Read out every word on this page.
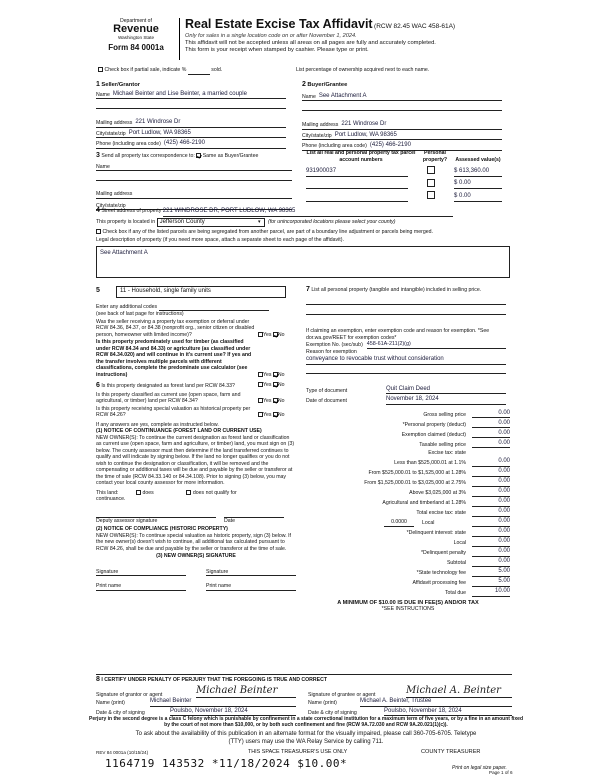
Department of
Revenue
Washington State
Form 84 0001a
Real Estate Excise Tax Affidavit (RCW 82.45 WAC 458-61A)
Only for sales in a single location code on or after November 1, 2024.
This affidavit will not be accepted unless all areas on all pages are fully and accurately completed.
This form is your receipt when stamped by cashier. Please type or print.
Check box if partial sale, indicate %	sold.	List percentage of ownership acquired next to each name.
1 Seller/Grantor
Name Michael Beinter and Lise Beinter, a married couple
Mailing address 221 Windrose Dr
City/state/zip Port Ludlow, WA 98365
Phone (including area code) (425) 466-2190
2 Buyer/Grantee
Name See Attachment A
Mailing address 221 Windrose Dr
City/state/zip Port Ludlow, WA 98365
Phone (including area code) (425) 466-2190
3 Send all property tax correspondence to: Same as Buyer/Grantee
Name
Mailing address
City/state/zip
List all real and personal property tax parcel account numbers
Personal property?	Assessed value(s)
931900037	$ 613,360.00
$ 0.00
$ 0.00
4 Street address of property 221 WINDROSE DR, PORT LUDLOW, WA 98365
This property is located in Jefferson County	▾ (for unincorporated locations please select your county)
Check box if any of the listed parcels are being segregated from another parcel, are part of a boundary line adjustment or parcels being merged.
Legal description of property (if you need more space, attach a separate sheet to each page of the affidavit).
See Attachment A
5	11 - Household, single family units
Enter any additional codes
(see back of last page for instructions)
Was the seller receiving a property tax exemption or deferral under RCW 84.36, 84.37, or 84.38 (nonprofit org., senior citizen or disabled person, homeowner with limited income)?	Yes No
Is this property predominately used for timber (as classified under RCW 84.34 and 84.33) or agriculture (as classified under RCW 84.34.020) and will continue in it's current use? If yes and the transfer involves multiple parcels with different classifications, complete the predominate use calculator (see instructions)	Yes No
6 Is this property designated as forest land per RCW 84.33?	Yes No
Is this property classified as current use (open space, farm and agricultural, or timber) land per RCW 84.34?	Yes No
Is this property receiving special valuation as historical property per RCW 84.26?	Yes No
If any answers are yes, complete as instructed below.
(1) NOTICE OF CONTINUANCE (FOREST LAND OR CURRENT USE)
NEW OWNER(S): To continue the current designation as forest land or classification as current use (open space, farm and agriculture, or timber) land, you must sign on (3) below. The county assessor must then determine if the land transferred continues to qualify and will indicate by signing below. If the land no longer qualifies or you do not wish to continue the designation or classification, it will be removed and the compensating or additional taxes will be due and payable by the seller or transferor at the time of sale (RCW 84.33.140 or 84.34.108). Prior to signing (3) below, you may contact your local county assessor for more information.
This land:
	does
	does not qualify for
continuance.
Deputy assessor signature	Date
(2) NOTICE OF COMPLIANCE (HISTORIC PROPERTY)
NEW OWNER(S): To continue special valuation as historic property, sign (3) below. If the new owner(s) doesn't wish to continue, all additional tax calculated pursuant to RCW 84.26, shall be due and payable by the seller or transferor at the time of sale.
(3) NEW OWNER(S) SIGNATURE
Signature	Signature
Print name	Print name
7 List all personal property (tangible and intangible) included in selling price.
If claiming an exemption, enter exemption code and reason for exemption. *See dor.wa.gov/REET for exemption codes*
Exemption No. (sec/sub) 458-61A-211(2)(g)
Reason for exemption
conveyance to revocable trust without consideration
Type of document	Quit Claim Deed
Date of document	November 18, 2024
Gross selling price	0.00
*Personal property (deduct)	0.00
Exemption claimed (deduct)	0.00
Taxable selling price	0.00
Excise tax: state
Less than $525,000.01 at 1.1%	0.00
From $525,000.01 to $1,525,000 at 1.28%	0.00
From $1,525,000.01 to $3,025,000 at 2.75%	0.00
Above $3,025,000 at 3%	0.00
Agricultural and timberland at 1.28%	0.00
Total excise tax: state	0.00
0.0000	Local	0.00
*Delinquent interest: state	0.00
Local	0.00
*Delinquent penalty	0.00
Subtotal	0.00
*State technology fee	5.00
Affidavit processing fee	5.00
Total due	10.00
A MINIMUM OF $10.00 IS DUE IN FEE(S) AND/OR TAX
*SEE INSTRUCTIONS
8 I CERTIFY UNDER PENALTY OF PERJURY THAT THE FOREGOING IS TRUE AND CORRECT
Signature of grantor or agent	Michael Beinter
Name (print)	Michael Beinter
Date & city of signing	Poulsbo, November 18, 2024
Signature of grantee or agent	Michael A. Beinter
Name (print)	Michael A. Beinter, Trustee
Date & city of signing	Poulsbo, November 18, 2024
Perjury in the second degree is a class C felony which is punishable by confinement in a state correctional institution for a maximum term of five years, or by a fine in an amount fixed by the court of not more than $10,000, or by both such confinement and fine (RCW 9A.72.030 and RCW 9A.20.021(1)(c)).
To ask about the availability of this publication in an alternate format for the visually impaired, please call 360-705-6705. Teletype
(TTY) users may use the WA Relay Service by calling 711.
REV 84 0001a (10/15/24)	THIS SPACE TREASURER'S USE ONLY	COUNTY TREASURER
1164719 143532 *11/18/2024 $10.00*	Print on legal size paper.
Page 1 of 6
